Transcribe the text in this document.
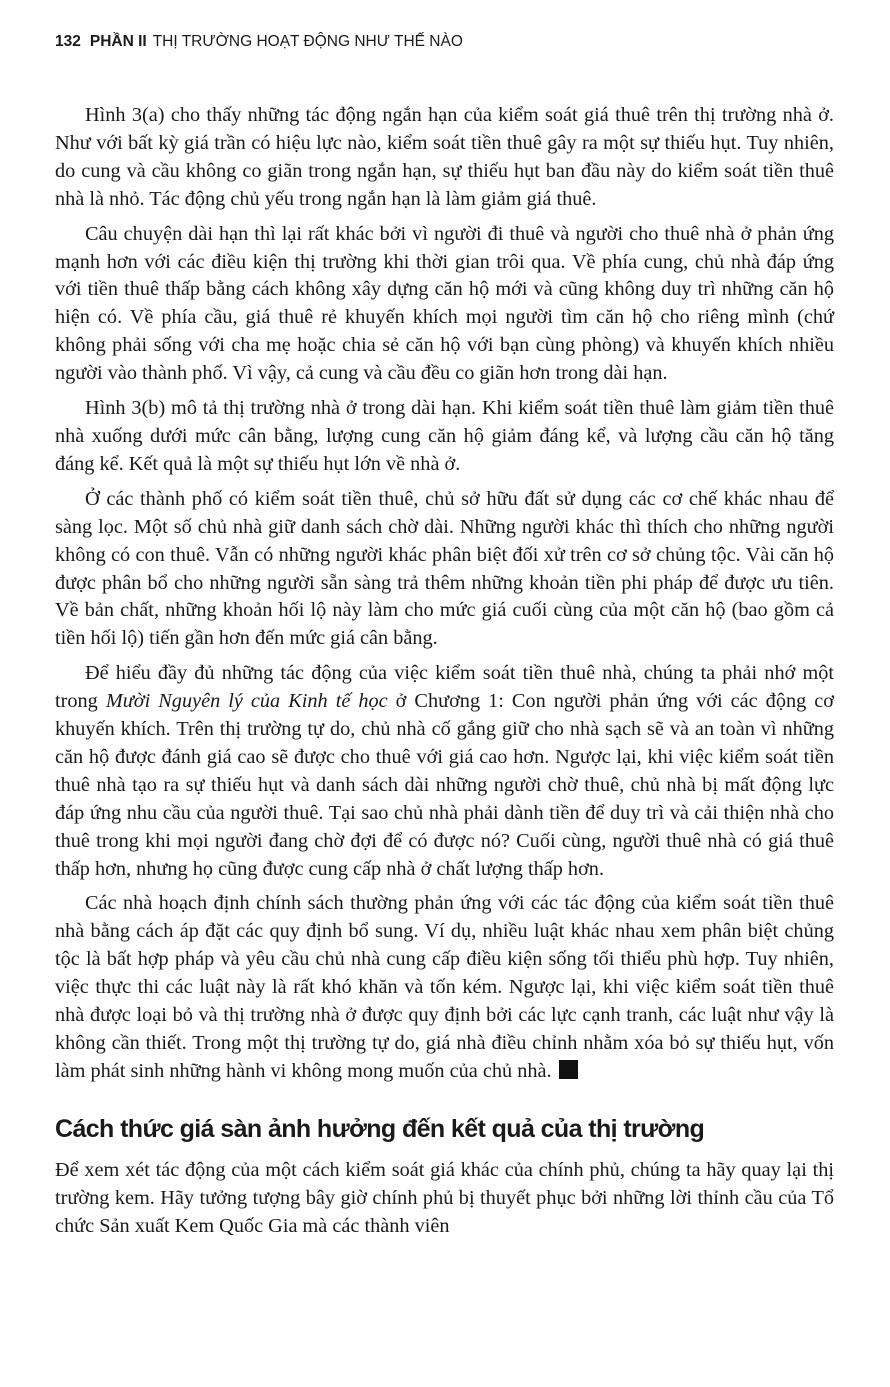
132 PHẦN II THỊ TRƯỜNG HOẠT ĐỘNG NHƯ THẾ NÀO

Hình 3(a) cho thấy những tác động ngắn hạn của kiểm soát giá thuê trên thị trường nhà ở. Như với bất kỳ giá trần có hiệu lực nào, kiểm soát tiền thuê gây ra một sự thiếu hụt. Tuy nhiên, do cung và cầu không co giãn trong ngắn hạn, sự thiếu hụt ban đầu này do kiểm soát tiền thuê nhà là nhỏ. Tác động chủ yếu trong ngắn hạn là làm giảm giá thuê.

Câu chuyện dài hạn thì lại rất khác bởi vì người đi thuê và người cho thuê nhà ở phản ứng mạnh hơn với các điều kiện thị trường khi thời gian trôi qua. Về phía cung, chủ nhà đáp ứng với tiền thuê thấp bằng cách không xây dựng căn hộ mới và cũng không duy trì những căn hộ hiện có. Về phía cầu, giá thuê rẻ khuyến khích mọi người tìm căn hộ cho riêng mình (chứ không phải sống với cha mẹ hoặc chia sẻ căn hộ với bạn cùng phòng) và khuyến khích nhiều người vào thành phố. Vì vậy, cả cung và cầu đều co giãn hơn trong dài hạn.

Hình 3(b) mô tả thị trường nhà ở trong dài hạn. Khi kiểm soát tiền thuê làm giảm tiền thuê nhà xuống dưới mức cân bằng, lượng cung căn hộ giảm đáng kể, và lượng cầu căn hộ tăng đáng kể. Kết quả là một sự thiếu hụt lớn về nhà ở.

Ở các thành phố có kiểm soát tiền thuê, chủ sở hữu đất sử dụng các cơ chế khác nhau để sàng lọc. Một số chủ nhà giữ danh sách chờ dài. Những người khác thì thích cho những người không có con thuê. Vẫn có những người khác phân biệt đối xử trên cơ sở chủng tộc. Vài căn hộ được phân bổ cho những người sẵn sàng trả thêm những khoản tiền phi pháp để được ưu tiên. Về bản chất, những khoản hối lộ này làm cho mức giá cuối cùng của một căn hộ (bao gồm cả tiền hối lộ) tiến gần hơn đến mức giá cân bằng.

Để hiểu đầy đủ những tác động của việc kiểm soát tiền thuê nhà, chúng ta phải nhớ một trong Mười Nguyên lý của Kinh tế học ở Chương 1: Con người phản ứng với các động cơ khuyến khích. Trên thị trường tự do, chủ nhà cố gắng giữ cho nhà sạch sẽ và an toàn vì những căn hộ được đánh giá cao sẽ được cho thuê với giá cao hơn. Ngược lại, khi việc kiểm soát tiền thuê nhà tạo ra sự thiếu hụt và danh sách dài những người chờ thuê, chủ nhà bị mất động lực đáp ứng nhu cầu của người thuê. Tại sao chủ nhà phải dành tiền để duy trì và cải thiện nhà cho thuê trong khi mọi người đang chờ đợi để có được nó? Cuối cùng, người thuê nhà có giá thuê thấp hơn, nhưng họ cũng được cung cấp nhà ở chất lượng thấp hơn.

Các nhà hoạch định chính sách thường phản ứng với các tác động của kiểm soát tiền thuê nhà bằng cách áp đặt các quy định bổ sung. Ví dụ, nhiều luật khác nhau xem phân biệt chủng tộc là bất hợp pháp và yêu cầu chủ nhà cung cấp điều kiện sống tối thiểu phù hợp. Tuy nhiên, việc thực thi các luật này là rất khó khăn và tốn kém. Ngược lại, khi việc kiểm soát tiền thuê nhà được loại bỏ và thị trường nhà ở được quy định bởi các lực cạnh tranh, các luật như vậy là không cần thiết. Trong một thị trường tự do, giá nhà điều chỉnh nhằm xóa bỏ sự thiếu hụt, vốn làm phát sinh những hành vi không mong muốn của chủ nhà.

Cách thức giá sàn ảnh hưởng đến kết quả của thị trường

Để xem xét tác động của một cách kiểm soát giá khác của chính phủ, chúng ta hãy quay lại thị trường kem. Hãy tưởng tượng bây giờ chính phủ bị thuyết phục bởi những lời thỉnh cầu của Tổ chức Sản xuất Kem Quốc Gia mà các thành viên
